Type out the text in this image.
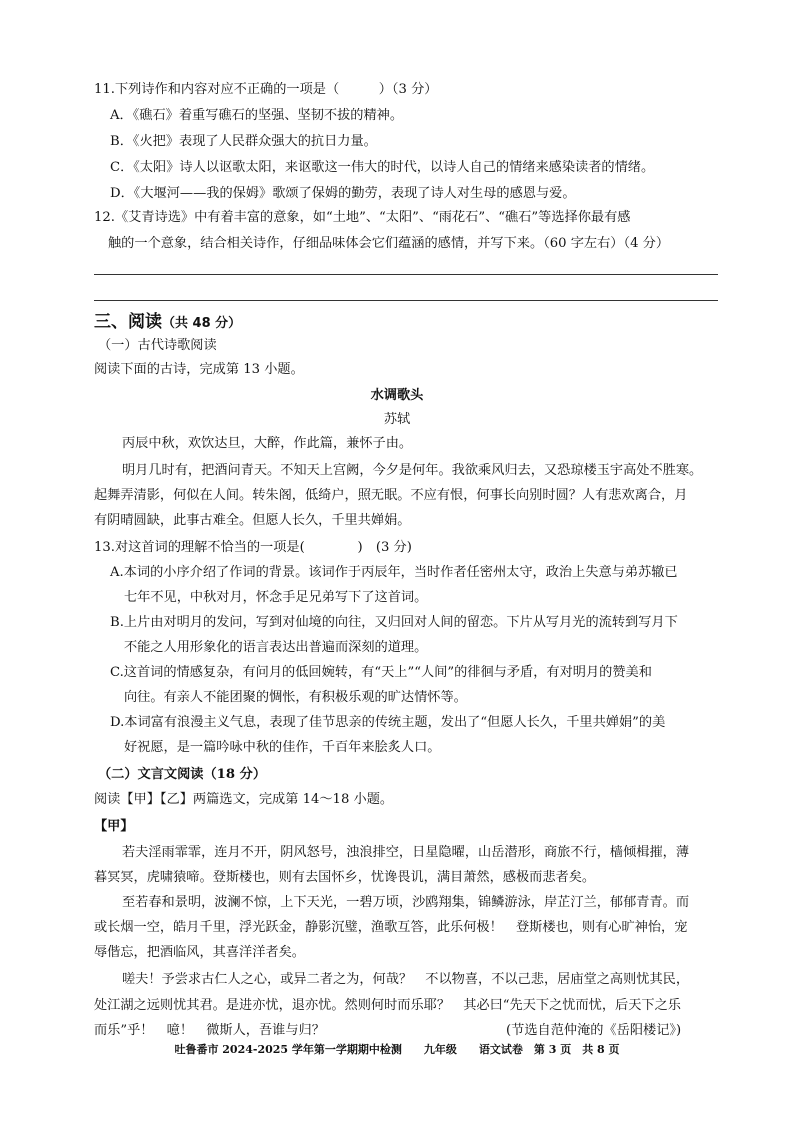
11.下列诗作和内容对应不正确的一项是（　　　）（3 分）
A．《礁石》着重写礁石的坚强、坚韧不拔的精神。
B．《火把》表现了人民群众强大的抗日力量。
C．《太阳》诗人以讴歌太阳，来讴歌这一伟大的时代，以诗人自己的情绪来感染读者的情绪。
D．《大堰河——我的保姆》歌颂了保姆的勤劳，表现了诗人对生母的感恩与爱。
12.《艾青诗选》中有着丰富的意象，如“土地”、“太阳”、“雨花石”、“礁石”等选择你最有感
触的一个意象，结合相关诗作，仔细品味体会它们蕴涵的感情，并写下来。（60 字左右）（4 分）
三、阅读（共 48 分）
（一）古代诗歌阅读
阅读下面的古诗，完成第 13 小题。
水调歌头
苏轼
丙辰中秋，欢饮达旦，大醉，作此篇，兼怀子由。
明月几时有，把酒问青天。不知天上宫阙，今夕是何年。我欲乘风归去，又恐琼楼玉宇高处不胜寒。
起舞弄清影，何似在人间。转朱阁，低绮户，照无眠。不应有恨，何事长向别时圆？人有悲欢离合，月
有阴晴圆缺，此事古难全。但愿人长久，千里共婵娟。
13.对这首词的理解不恰当的一项是(　　　　)　(3 分)
A.本词的小序介绍了作词的背景。该词作于丙辰年，当时作者任密州太守，政治上失意与弟苏辙已
七年不见，中秋对月，怀念手足兄弟写下了这首词。
B.上片由对明月的发问，写到对仙境的向往，又归回对人间的留恋。下片从写月光的流转到写月下
不能之人用形象化的语言表达出普遍而深刻的道理。
C.这首词的情感复杂，有问月的低回婉转，有“天上”“人间”的徘徊与矛盾，有对明月的赞美和
向往。有亲人不能团聚的惆怅，有积极乐观的旷达情怀等。
D.本词富有浪漫主义气息，表现了佳节思亲的传统主题，发出了“但愿人长久，千里共婵娟”的美
好祝愿，是一篇吟咏中秋的佳作，千百年来脍炙人口。
（二）文言文阅读（18 分）
阅读【甲】【乙】两篇选文，完成第 14～18 小题。
【甲】
若夫淫雨霏霏，连月不开，阴风怒号，浊浪排空，日星隐曜，山岳潜形，商旅不行，樯倾楫摧，薄
暮冥冥，虎啸猿啼。登斯楼也，则有去国怀乡，忧谗畏讥，满目萧然，感极而悲者矣。
至若春和景明，波澜不惊，上下天光，一碧万顷，沙鸥翔集，锦鳞游泳，岸芷汀兰，郁郁青青。而
或长烟一空，皓月千里，浮光跃金，静影沉璧，渔歌互答，此乐何极！　登斯楼也，则有心旷神怡，宠
辱偕忘，把酒临风，其喜洋洋者矣。
嗟夫！予尝求古仁人之心，或异二者之为，何哉？　不以物喜，不以己悲，居庙堂之高则忧其民，
处江湖之远则忧其君。是进亦忧，退亦忧。然则何时而乐耶？　其必曰“先天下之忧而忧，后天下之乐
而乐”乎！　噫！　微斯人，吾谁与归？	(节选自范仲淹的《岳阳楼记》)
吐鲁番市 2024-2025 学年第一学期期中检测　　九年级　　语文试卷　第 3 页　共 8 页
